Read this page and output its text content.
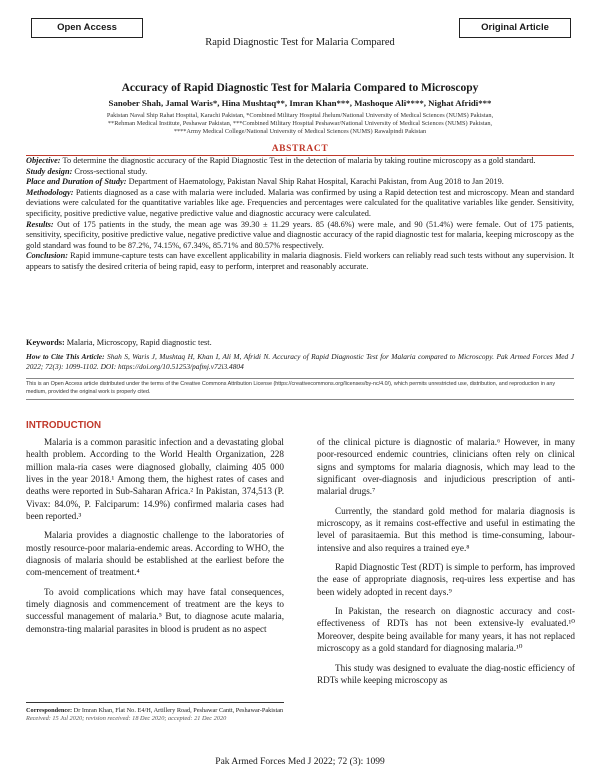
Open Access	Original Article
Rapid Diagnostic Test for Malaria Compared
Accuracy of Rapid Diagnostic Test for Malaria Compared to Microscopy
Sanober Shah, Jamal Waris*, Hina Mushtaq**, Imran Khan***, Mashoque Ali****, Nighat Afridi***
Pakistan Naval Ship Rahat Hospital, Karachi Pakistan, *Combined Military Hospital Jhelum/National University of Medical Sciences (NUMS) Pakistan,
**Rehman Medical Institute, Peshawar Pakistan, ***Combined Military Hospital Peshawar/National University of Medical Sciences (NUMS) Pakistan,
****Army Medical College/National University of Medical Sciences (NUMS) Rawalpindi Pakistan
ABSTRACT

Objective: To determine the diagnostic accuracy of the Rapid Diagnostic Test in the detection of malaria by taking routine microscopy as a gold standard.

Study design: Cross-sectional study.

Place and Duration of Study: Department of Haematology, Pakistan Naval Ship Rahat Hospital, Karachi Pakistan, from Aug 2018 to Jan 2019.

Methodology: Patients diagnosed as a case with malaria were included. Malaria was confirmed by using a Rapid detection test and microscopy. Mean and standard deviations were calculated for the quantitative variables like age. Frequencies and percentages were calculated for the qualitative variables like gender. Sensitivity, specificity, positive predictive value, negative predictive value and diagnostic accuracy were calculated.

Results: Out of 175 patients in the study, the mean age was 39.30 ± 11.29 years. 85 (48.6%) were male, and 90 (51.4%) were female. Out of 175 patients, sensitivity, specificity, positive predictive value, negative predictive value and diagnostic accuracy of the rapid diagnostic test for malaria, keeping microscopy as the gold standard was found to be 87.2%, 74.15%, 67.34%, 85.71% and 80.57% respectively.

Conclusion: Rapid immune-capture tests can have excellent applicability in malaria diagnosis. Field workers can reliably read such tests without any supervision. It appears to satisfy the desired criteria of being rapid, easy to perform, interpret and reasonably accurate.

Keywords: Malaria, Microscopy, Rapid diagnostic test.
How to Cite This Article: Shah S, Waris J, Mushtaq H, Khan I, Ali M, Afridi N. Accuracy of Rapid Diagnostic Test for Malaria compared to Microscopy. Pak Armed Forces Med J 2022; 72(3): 1099-1102. DOI: https://doi.org/10.51253/pafmj.v72i3.4804
This is an Open Access article distributed under the terms of the Creative Commons Attribution License (https://creativecommons.org/licenses/by-nc/4.0/), which permits unrestricted use, distribution, and reproduction in any medium, provided the original work is properly cited.
INTRODUCTION

Malaria is a common parasitic infection and a devastating global health problem. According to the World Health Organization, 228 million mala-ria cases were diagnosed globally, claiming 405 000 lives in the year 2018.¹ Among them, the highest rates of cases and deaths were reported in Sub-Saharan Africa.² In Pakistan, 374,513 (P. Vivax: 84.0%, P. Falciparum: 14.9%) confirmed malaria cases had been reported.³

Malaria provides a diagnostic challenge to the laboratories of mostly resource-poor malaria-endemic areas. According to WHO, the diagnosis of malaria should be established at the earliest before the com-mencement of treatment.⁴

To avoid complications which may have fatal consequences, timely diagnosis and commencement of treatment are the keys to successful management of malaria.⁵ But, to diagnose acute malaria, demonstra-ting malarial parasites in blood is prudent as no aspect

of the clinical picture is diagnostic of malaria.⁶ However, in many poor-resourced endemic countries, clinicians often rely on clinical signs and symptoms for malaria diagnosis, which may lead to the significant over-diagnosis and injudicious prescription of anti-malarial drugs.⁷

Currently, the standard gold method for malaria diagnosis is microscopy, as it remains cost-effective and useful in estimating the level of parasitaemia. But this method is time-consuming, labour-intensive and also requires a trained eye.⁸

Rapid Diagnostic Test (RDT) is simple to perform, has improved the ease of appropriate diagnosis, req-uires less expertise and has been widely adopted in recent days.⁹

In Pakistan, the research on diagnostic accuracy and cost-effectiveness of RDTs has not been extensive-ly evaluated.¹⁰ Moreover, despite being available for many years, it has not replaced microscopy as a gold standard for diagnosing malaria.¹⁰

This study was designed to evaluate the diag-nostic efficiency of RDTs while keeping microscopy as

Correspondence: Dr Imran Khan, Flat No. E4/H, Artillery Road, Peshawar Cantt, Peshawar-Pakistan
Received: 15 Jul 2020; revision received: 18 Dec 2020; accepted: 21 Dec 2020
Pak Armed Forces Med J 2022; 72 (3): 1099
